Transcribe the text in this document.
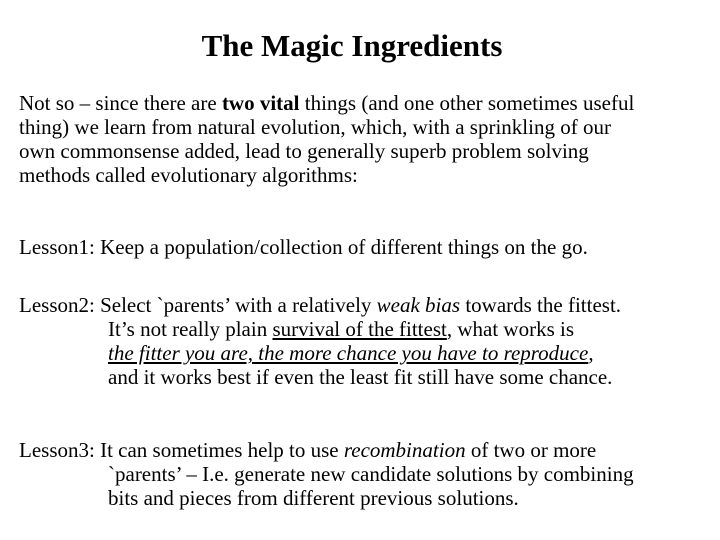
The Magic Ingredients
Not so – since there are two vital things (and one other sometimes useful
thing) we learn from natural evolution, which, with a sprinkling of our
own commonsense added, lead to generally superb problem solving
methods called evolutionary algorithms:
Lesson1: Keep a population/collection of different things on the go.
Lesson2: Select `parents’ with a relatively weak bias towards the fittest.
It’s not really plain survival of the fittest, what works is
the fitter you are, the more chance you have to reproduce,
and it works best if even the least fit still have some chance.
Lesson3: It can sometimes help to use recombination of two or more
`parents’ – I.e. generate new candidate solutions by combining
bits and pieces from different previous solutions.
